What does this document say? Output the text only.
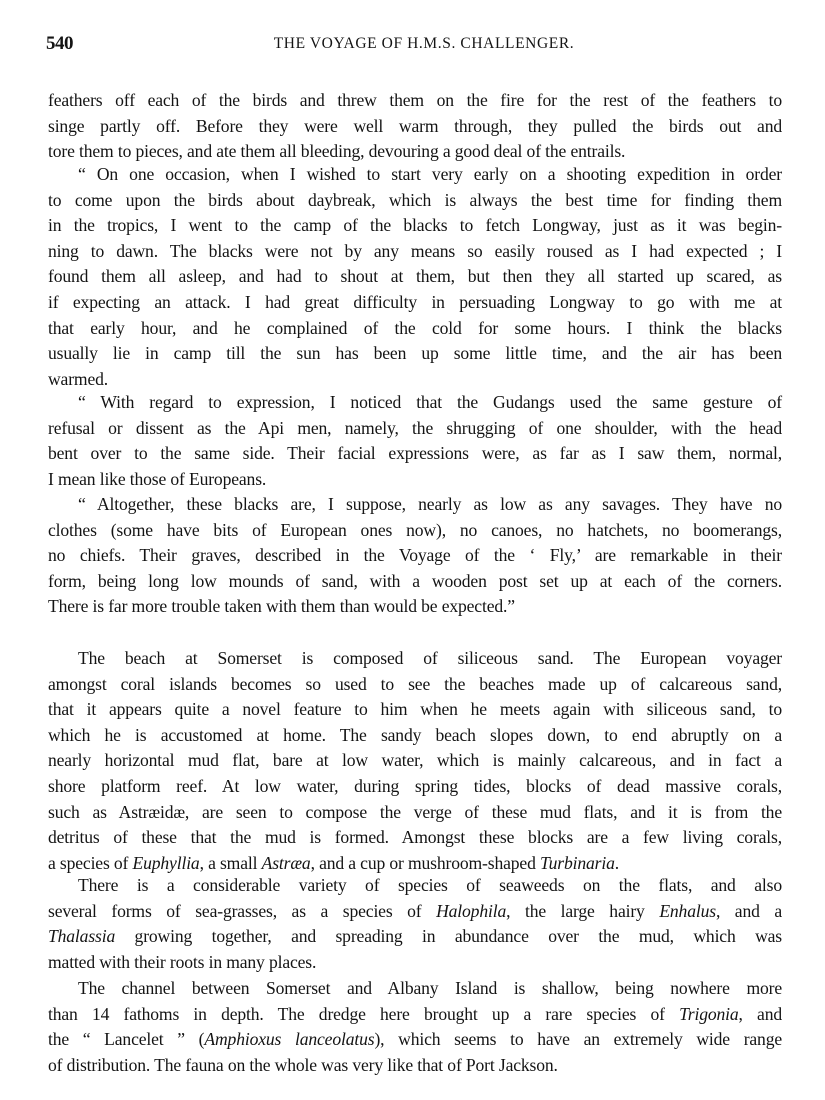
540	THE VOYAGE OF H.M.S. CHALLENGER.
feathers off each of the birds and threw them on the fire for the rest of the feathers to
singe partly off. Before they were well warm through, they pulled the birds out and
tore them to pieces, and ate them all bleeding, devouring a good deal of the entrails.
“ On one occasion, when I wished to start very early on a shooting expedition in order
to come upon the birds about daybreak, which is always the best time for finding them
in the tropics, I went to the camp of the blacks to fetch Longway, just as it was begin-
ning to dawn. The blacks were not by any means so easily roused as I had expected ; I
found them all asleep, and had to shout at them, but then they all started up scared, as
if expecting an attack. I had great difficulty in persuading Longway to go with me at
that early hour, and he complained of the cold for some hours. I think the blacks
usually lie in camp till the sun has been up some little time, and the air has been
warmed.
“ With regard to expression, I noticed that the Gudangs used the same gesture of
refusal or dissent as the Api men, namely, the shrugging of one shoulder, with the head
bent over to the same side. Their facial expressions were, as far as I saw them, normal,
I mean like those of Europeans.
“ Altogether, these blacks are, I suppose, nearly as low as any savages. They have no
clothes (some have bits of European ones now), no canoes, no hatchets, no boomerangs,
no chiefs. Their graves, described in the Voyage of the ‘ Fly,’ are remarkable in their
form, being long low mounds of sand, with a wooden post set up at each of the corners.
There is far more trouble taken with them than would be expected.”
The beach at Somerset is composed of siliceous sand. The European voyager
amongst coral islands becomes so used to see the beaches made up of calcareous sand,
that it appears quite a novel feature to him when he meets again with siliceous sand, to
which he is accustomed at home. The sandy beach slopes down, to end abruptly on a
nearly horizontal mud flat, bare at low water, which is mainly calcareous, and in fact a
shore platform reef. At low water, during spring tides, blocks of dead massive corals,
such as Astræidæ, are seen to compose the verge of these mud flats, and it is from the
detritus of these that the mud is formed. Amongst these blocks are a few living corals,
a species of Euphyllia, a small Astræa, and a cup or mushroom-shaped Turbinaria.
There is a considerable variety of species of seaweeds on the flats, and also
several forms of sea-grasses, as a species of Halophila, the large hairy Enhalus, and a
Thalassia growing together, and spreading in abundance over the mud, which was
matted with their roots in many places.
The channel between Somerset and Albany Island is shallow, being nowhere more
than 14 fathoms in depth. The dredge here brought up a rare species of Trigonia, and
the “ Lancelet ” (Amphioxus lanceolatus), which seems to have an extremely wide range
of distribution. The fauna on the whole was very like that of Port Jackson.
